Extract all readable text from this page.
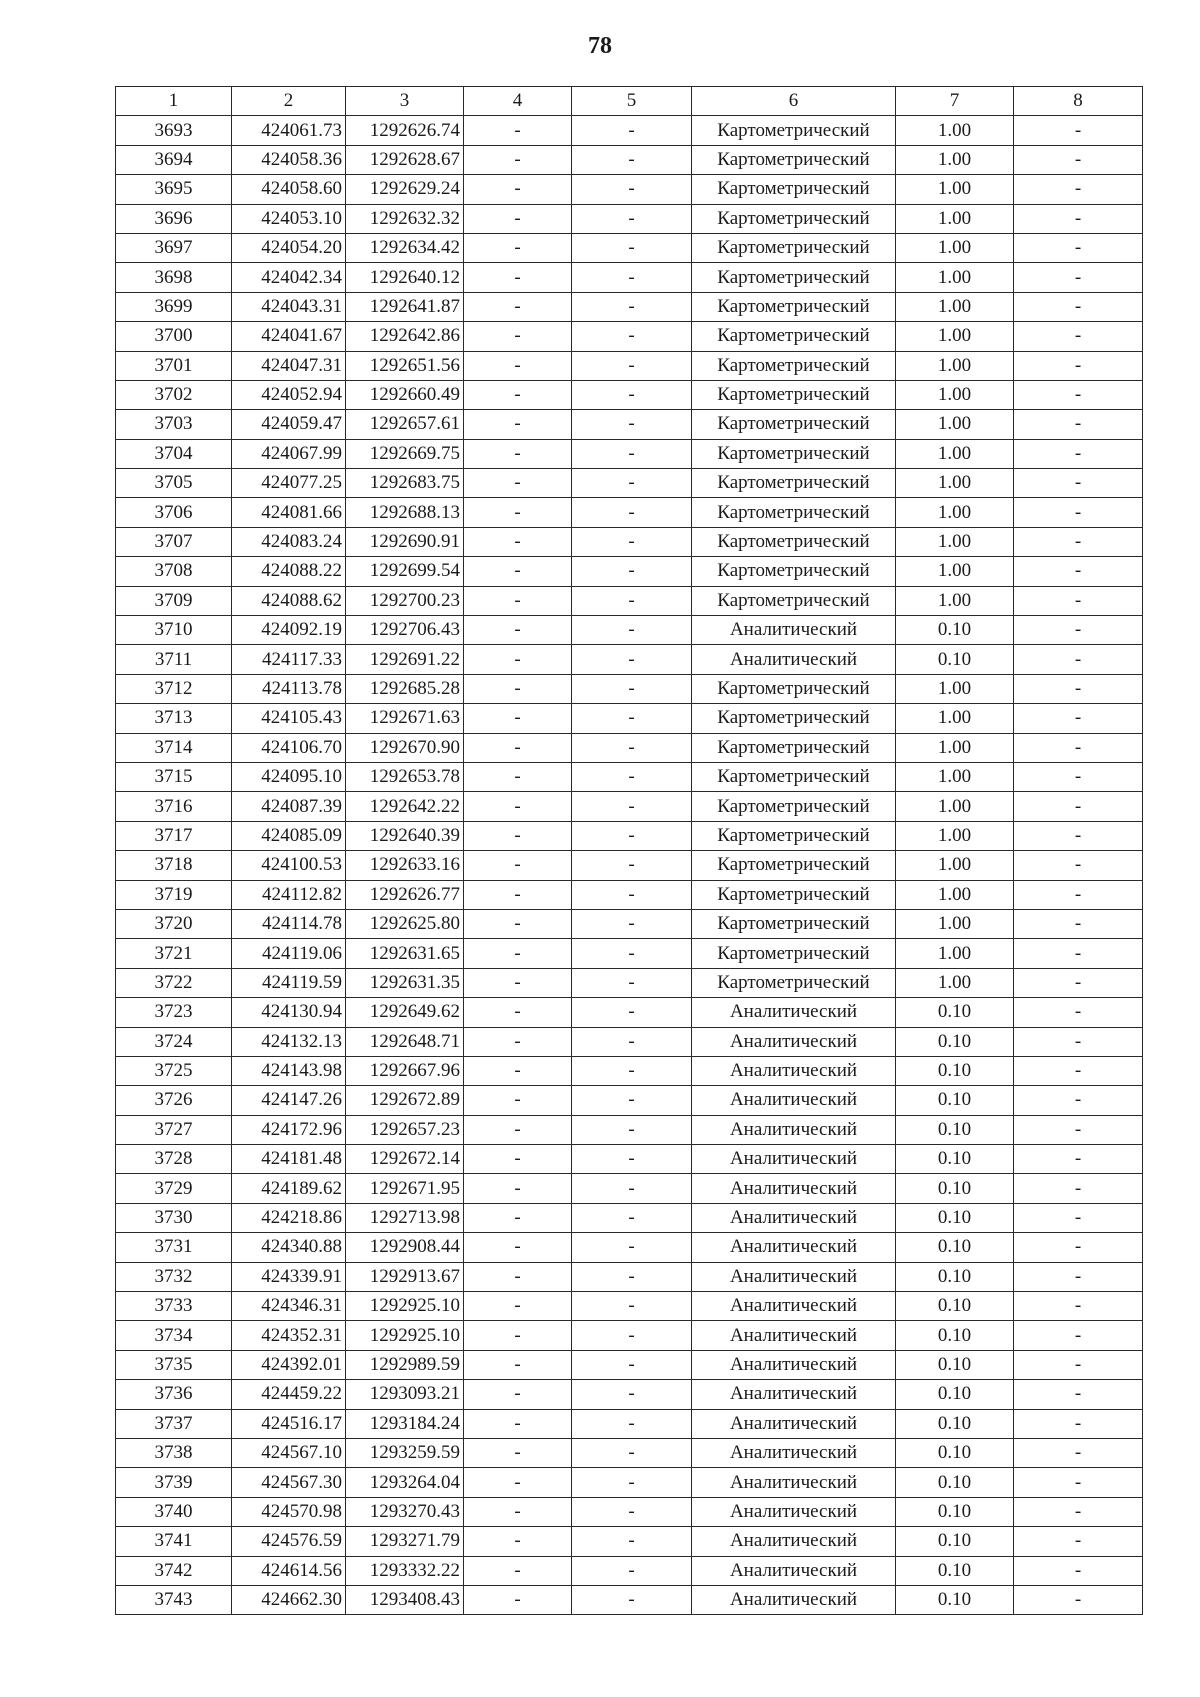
78
1	2	3	4	5	6	7	8
3693	424061.73	1292626.74	-	-	Картометрический	1.00	-
3694	424058.36	1292628.67	-	-	Картометрический	1.00	-
3695	424058.60	1292629.24	-	-	Картометрический	1.00	-
3696	424053.10	1292632.32	-	-	Картометрический	1.00	-
3697	424054.20	1292634.42	-	-	Картометрический	1.00	-
3698	424042.34	1292640.12	-	-	Картометрический	1.00	-
3699	424043.31	1292641.87	-	-	Картометрический	1.00	-
3700	424041.67	1292642.86	-	-	Картометрический	1.00	-
3701	424047.31	1292651.56	-	-	Картометрический	1.00	-
3702	424052.94	1292660.49	-	-	Картометрический	1.00	-
3703	424059.47	1292657.61	-	-	Картометрический	1.00	-
3704	424067.99	1292669.75	-	-	Картометрический	1.00	-
3705	424077.25	1292683.75	-	-	Картометрический	1.00	-
3706	424081.66	1292688.13	-	-	Картометрический	1.00	-
3707	424083.24	1292690.91	-	-	Картометрический	1.00	-
3708	424088.22	1292699.54	-	-	Картометрический	1.00	-
3709	424088.62	1292700.23	-	-	Картометрический	1.00	-
3710	424092.19	1292706.43	-	-	Аналитический	0.10	-
3711	424117.33	1292691.22	-	-	Аналитический	0.10	-
3712	424113.78	1292685.28	-	-	Картометрический	1.00	-
3713	424105.43	1292671.63	-	-	Картометрический	1.00	-
3714	424106.70	1292670.90	-	-	Картометрический	1.00	-
3715	424095.10	1292653.78	-	-	Картометрический	1.00	-
3716	424087.39	1292642.22	-	-	Картометрический	1.00	-
3717	424085.09	1292640.39	-	-	Картометрический	1.00	-
3718	424100.53	1292633.16	-	-	Картометрический	1.00	-
3719	424112.82	1292626.77	-	-	Картометрический	1.00	-
3720	424114.78	1292625.80	-	-	Картометрический	1.00	-
3721	424119.06	1292631.65	-	-	Картометрический	1.00	-
3722	424119.59	1292631.35	-	-	Картометрический	1.00	-
3723	424130.94	1292649.62	-	-	Аналитический	0.10	-
3724	424132.13	1292648.71	-	-	Аналитический	0.10	-
3725	424143.98	1292667.96	-	-	Аналитический	0.10	-
3726	424147.26	1292672.89	-	-	Аналитический	0.10	-
3727	424172.96	1292657.23	-	-	Аналитический	0.10	-
3728	424181.48	1292672.14	-	-	Аналитический	0.10	-
3729	424189.62	1292671.95	-	-	Аналитический	0.10	-
3730	424218.86	1292713.98	-	-	Аналитический	0.10	-
3731	424340.88	1292908.44	-	-	Аналитический	0.10	-
3732	424339.91	1292913.67	-	-	Аналитический	0.10	-
3733	424346.31	1292925.10	-	-	Аналитический	0.10	-
3734	424352.31	1292925.10	-	-	Аналитический	0.10	-
3735	424392.01	1292989.59	-	-	Аналитический	0.10	-
3736	424459.22	1293093.21	-	-	Аналитический	0.10	-
3737	424516.17	1293184.24	-	-	Аналитический	0.10	-
3738	424567.10	1293259.59	-	-	Аналитический	0.10	-
3739	424567.30	1293264.04	-	-	Аналитический	0.10	-
3740	424570.98	1293270.43	-	-	Аналитический	0.10	-
3741	424576.59	1293271.79	-	-	Аналитический	0.10	-
3742	424614.56	1293332.22	-	-	Аналитический	0.10	-
3743	424662.30	1293408.43	-	-	Аналитический	0.10	-
